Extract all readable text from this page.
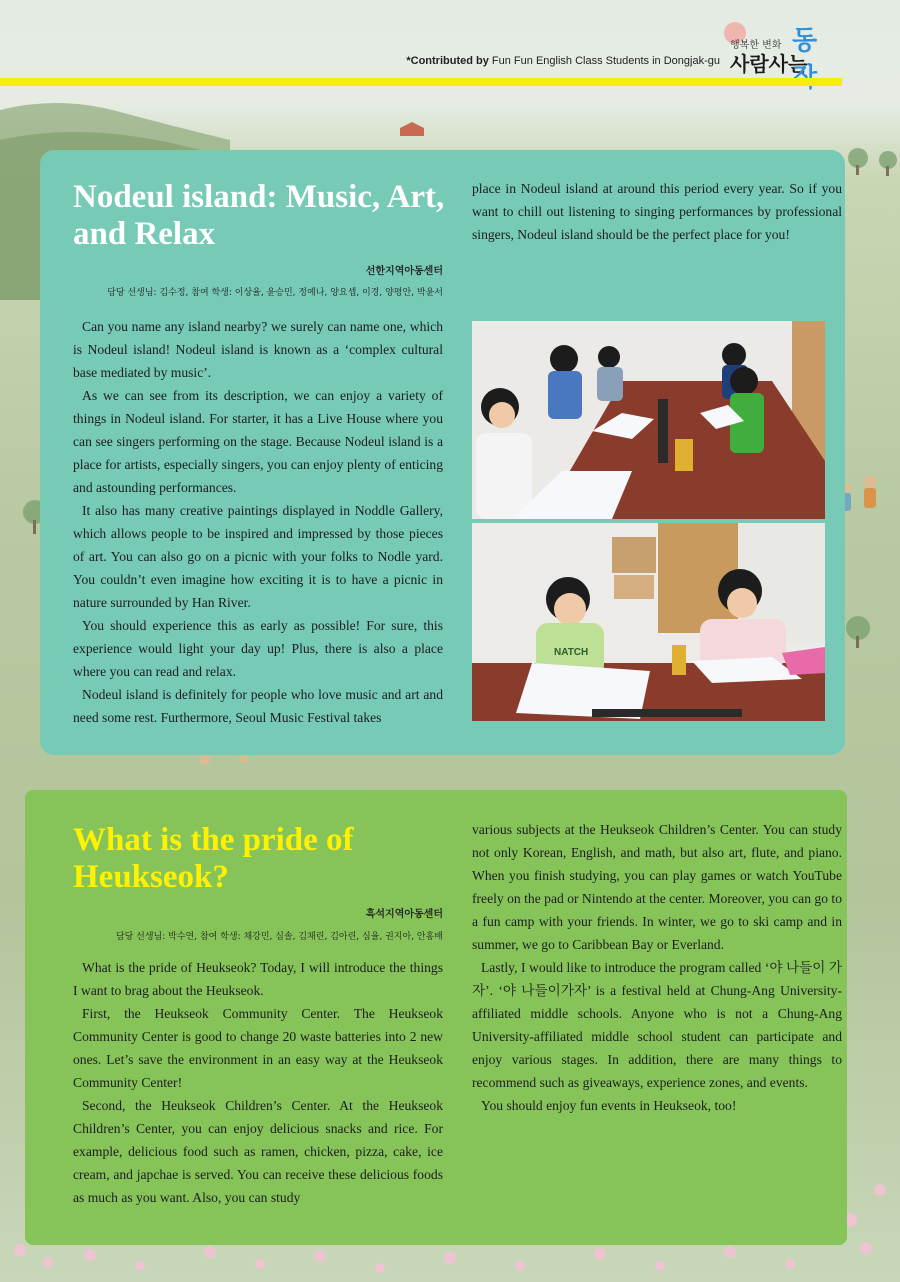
*Contributed by Fun Fun English Class Students in Dongjak-gu
행복한 변화
사람사는
동
Nodeul island: Music, Art, and Relax
선한지역아동센터
담당 선생님: 김수정, 참여 학생: 이상율, 윤승민, 정예나, 양요셉, 이경, 양평안, 박윤서

Can you name any island nearby? we surely can name one, which is Nodeul island! Nodeul island is known as a ‘complex cultural base mediated by music’.

As we can see from its description, we can enjoy a variety of things in Nodeul island. For starter, it has a Live House where you can see singers performing on the stage. Because Nodeul island is a place for artists, especially singers, you can enjoy plenty of enticing and astounding performances.

It also has many creative paintings displayed in Noddle Gallery, which allows people to be inspired and impressed by those pieces of art. You can also go on a picnic with your folks to Nodle yard. You couldn’t even imagine how exciting it is to have a picnic in nature surrounded by Han River.

You should experience this as early as possible! For sure, this experience would light your day up! Plus, there is also a place where you can read and relax.

Nodeul island is definitely for people who love music and art and need some rest. Furthermore, Seoul Music Festival takes

place in Nodeul island at around this period every year. So if you want to chill out listening to singing performances by professional singers, Nodeul island should be the perfect place for you!

NATCH
What is the pride of Heukseok?
흑석지역아동센터
담당 선생님: 박수연, 참여 학생: 채강민, 심솔, 김채린, 김아린, 심율, 권지아, 안홍배

What is the pride of Heukseok? Today, I will introduce the things I want to brag about the Heukseok.

First, the Heukseok Community Center. The Heukseok Community Center is good to change 20 waste batteries into 2 new ones. Let’s save the environment in an easy way at the Heukseok Community Center!

Second, the Heukseok Children’s Center. At the Heukseok Children’s Center, you can enjoy delicious snacks and rice. For example, delicious food such as ramen, chicken, pizza, cake, ice cream, and japchae is served. You can receive these delicious foods as much as you want. Also, you can study

various subjects at the Heukseok Children’s Center. You can study not only Korean, English, and math, but also art, flute, and piano. When you finish studying, you can play games or watch YouTube freely on the pad or Nintendo at the center. Moreover, you can go to a fun camp with your friends. In winter, we go to ski camp and in summer, we go to Caribbean Bay or Everland.

Lastly, I would like to introduce the program called ‘야 나들이 가자’. ‘야 나들이가자’ is a festival held at Chung-Ang University-affiliated middle schools. Anyone who is not a Chung-Ang University-affiliated middle school student can participate and enjoy various stages. In addition, there are many things to recommend such as giveaways, experience zones, and events.

You should enjoy fun events in Heukseok, too!
